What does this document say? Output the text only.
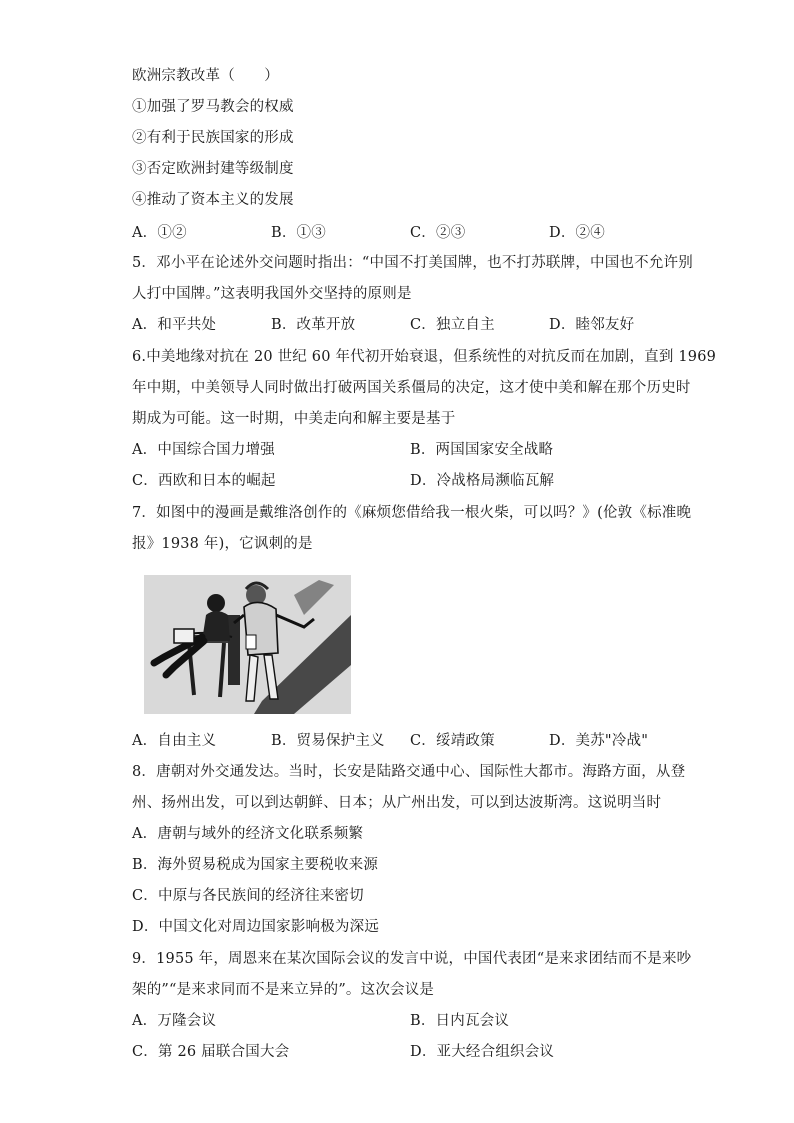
欧洲宗教改革（　　）
①加强了罗马教会的权威
②有利于民族国家的形成
③否定欧洲封建等级制度
④推动了资本主义的发展
A．①②	B．①③	C．②③	D．②④
5．邓小平在论述外交问题时指出：“中国不打美国牌，也不打苏联牌，中国也不允许别
人打中国牌。”这表明我国外交坚持的原则是
A．和平共处	B．改革开放	C．独立自主	D．睦邻友好
6.中美地缘对抗在 20 世纪 60 年代初开始衰退，但系统性的对抗反而在加剧，直到 1969
年中期，中美领导人同时做出打破两国关系僵局的决定，这才使中美和解在那个历史时
期成为可能。这一时期，中美走向和解主要是基于
A．中国综合国力增强	B．两国国家安全战略
C．西欧和日本的崛起	D．冷战格局濒临瓦解
7．如图中的漫画是戴维洛创作的《麻烦您借给我一根火柴，可以吗？》(伦敦《标准晚
报》1938 年)，它讽刺的是
A．自由主义	B．贸易保护主义 C．绥靖政策	D．美苏"冷战"
8．唐朝对外交通发达。当时，长安是陆路交通中心、国际性大都市。海路方面，从登
州、扬州出发，可以到达朝鲜、日本；从广州出发，可以到达波斯湾。这说明当时
A．唐朝与域外的经济文化联系频繁
B．海外贸易税成为国家主要税收来源
C．中原与各民族间的经济往来密切
D．中国文化对周边国家影响极为深远
9．1955 年，周恩来在某次国际会议的发言中说，中国代表团“是来求团结而不是来吵
架的”“是来求同而不是来立异的”。这次会议是
A．万隆会议	B．日内瓦会议
C．第 26 届联合国大会	D．亚大经合组织会议
